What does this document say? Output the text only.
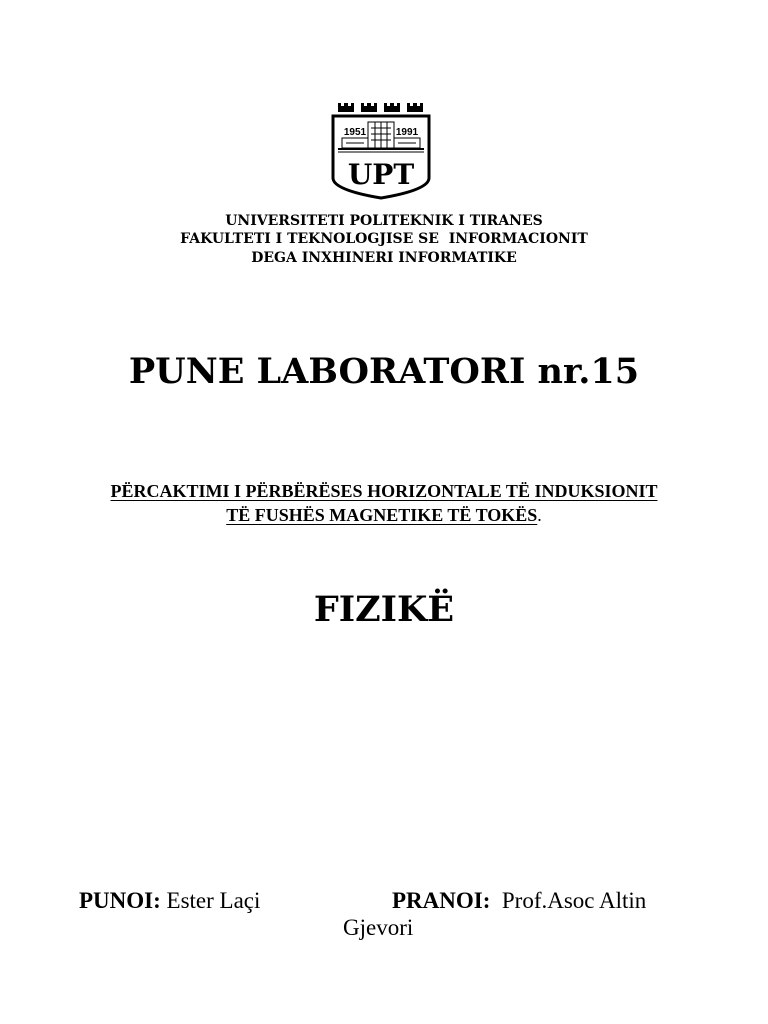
1951	1991
UPT
UNIVERSITETI POLITEKNIK I TIRANES
FAKULTETI I TEKNOLOGJISE SE  INFORMACIONIT
DEGA INXHINERI INFORMATIKE
PUNE LABORATORI nr.15
PËRCAKTIMI I PËRBËRËSES HORIZONTALE TË INDUKSIONIT
TË FUSHËS MAGNETIKE TË TOKËS.
FIZIKË
PUNOI: Ester Laçi	PRANOI: Prof.Asoc Altin
Gjevori
